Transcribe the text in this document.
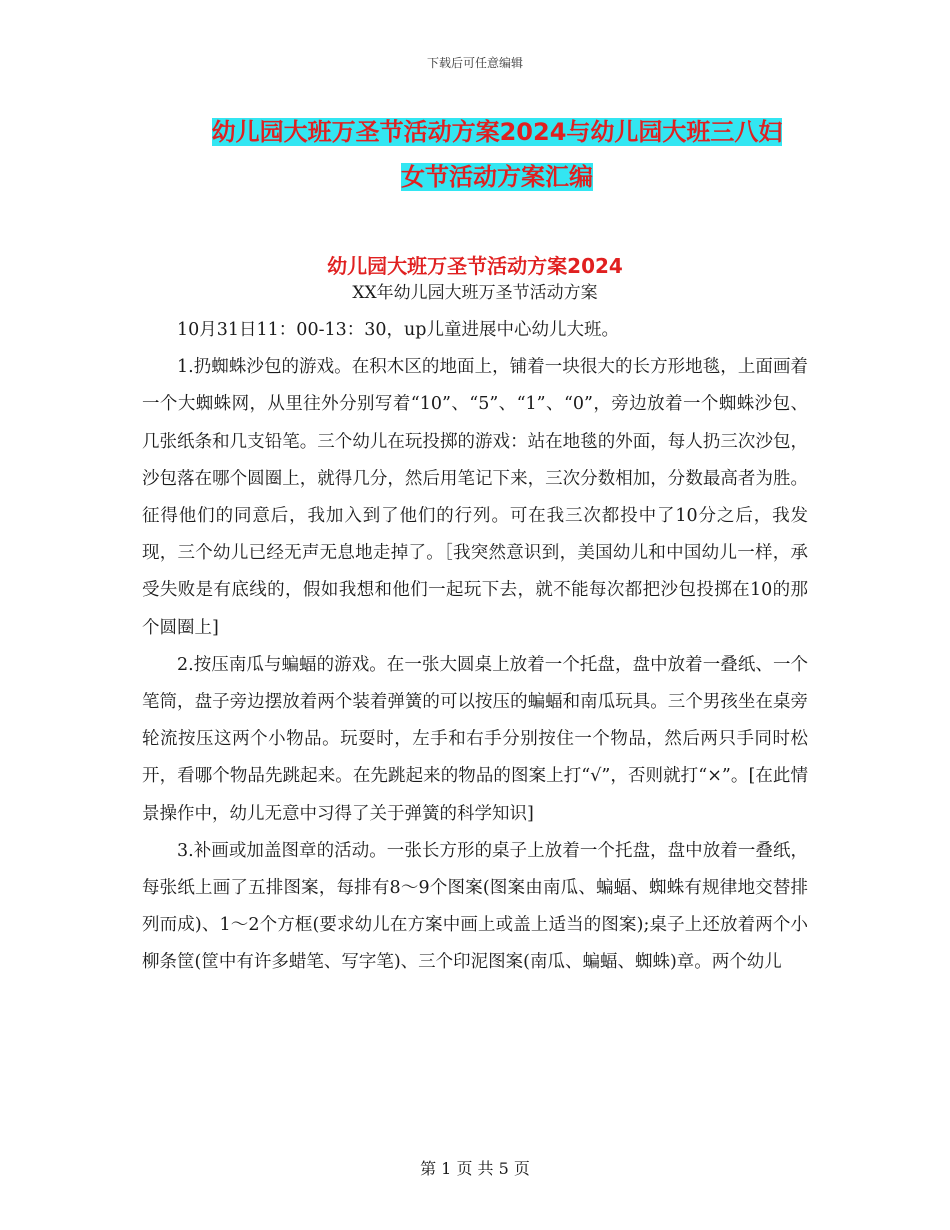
下载后可任意编辑
幼儿园大班万圣节活动方案2024与幼儿园大班三八妇
女节活动方案汇编
幼儿园大班万圣节活动方案2024
XX年幼儿园大班万圣节活动方案

10月31日11：00-13：30，up儿童进展中心幼儿大班。

1.扔蜘蛛沙包的游戏。在积木区的地面上，铺着一块很大的长方形地毯，上面画着一个大蜘蛛网，从里往外分别写着“10”、“5”、“1”、“0”，旁边放着一个蜘蛛沙包、几张纸条和几支铅笔。三个幼儿在玩投掷的游戏：站在地毯的外面，每人扔三次沙包，沙包落在哪个圆圈上，就得几分，然后用笔记下来，三次分数相加，分数最高者为胜。征得他们的同意后，我加入到了他们的行列。可在我三次都投中了10分之后，我发现，三个幼儿已经无声无息地走掉了。［我突然意识到，美国幼儿和中国幼儿一样，承受失败是有底线的，假如我想和他们一起玩下去，就不能每次都把沙包投掷在10的那个圆圈上]

2.按压南瓜与蝙蝠的游戏。在一张大圆桌上放着一个托盘，盘中放着一叠纸、一个笔筒，盘子旁边摆放着两个装着弹簧的可以按压的蝙蝠和南瓜玩具。三个男孩坐在桌旁轮流按压这两个小物品。玩耍时，左手和右手分别按住一个物品，然后两只手同时松开，看哪个物品先跳起来。在先跳起来的物品的图案上打“√”，否则就打“×”。[在此情景操作中，幼儿无意中习得了关于弹簧的科学知识]

3.补画或加盖图章的活动。一张长方形的桌子上放着一个托盘，盘中放着一叠纸，每张纸上画了五排图案，每排有8～9个图案(图案由南瓜、蝙蝠、蜘蛛有规律地交替排列而成)、1～2个方框(要求幼儿在方案中画上或盖上适当的图案);桌子上还放着两个小柳条筐(筐中有许多蜡笔、写字笔)、三个印泥图案(南瓜、蝙蝠、蜘蛛)章。两个幼儿

第 1 页 共 5 页
